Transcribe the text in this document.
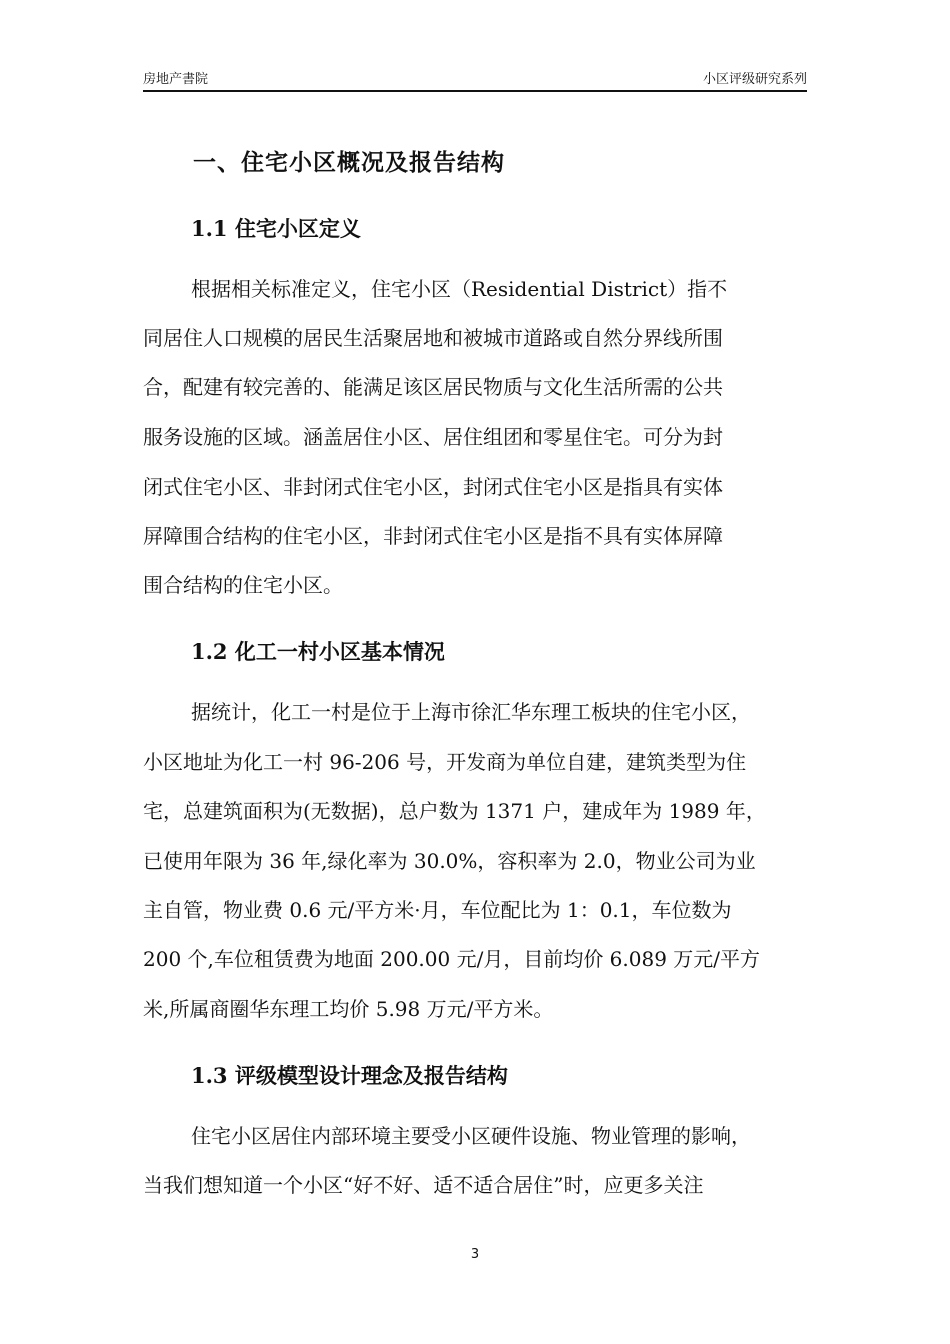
房地产書院	小区评级研究系列
一、住宅小区概况及报告结构
1.1 住宅小区定义
根据相关标准定义，住宅小区（Residential District）指不
同居住人口规模的居民生活聚居地和被城市道路或自然分界线所围
合，配建有较完善的、能满足该区居民物质与文化生活所需的公共
服务设施的区域。涵盖居住小区、居住组团和零星住宅。可分为封
闭式住宅小区、非封闭式住宅小区，封闭式住宅小区是指具有实体
屏障围合结构的住宅小区，非封闭式住宅小区是指不具有实体屏障
围合结构的住宅小区。
1.2 化工一村小区基本情况
据统计，化工一村是位于上海市徐汇华东理工板块的住宅小区，
小区地址为化工一村 96-206 号，开发商为单位自建，建筑类型为住
宅，总建筑面积为(无数据)，总户数为 1371 户，建成年为 1989 年，
已使用年限为 36 年,绿化率为 30.0%，容积率为 2.0，物业公司为业
主自管，物业费 0.6 元/平方米·月，车位配比为 1：0.1，车位数为
200 个,车位租赁费为地面 200.00 元/月，目前均价 6.089 万元/平方
米,所属商圈华东理工均价 5.98 万元/平方米。
1.3 评级模型设计理念及报告结构
住宅小区居住内部环境主要受小区硬件设施、物业管理的影响，
当我们想知道一个小区“好不好、适不适合居住”时，应更多关注
3
